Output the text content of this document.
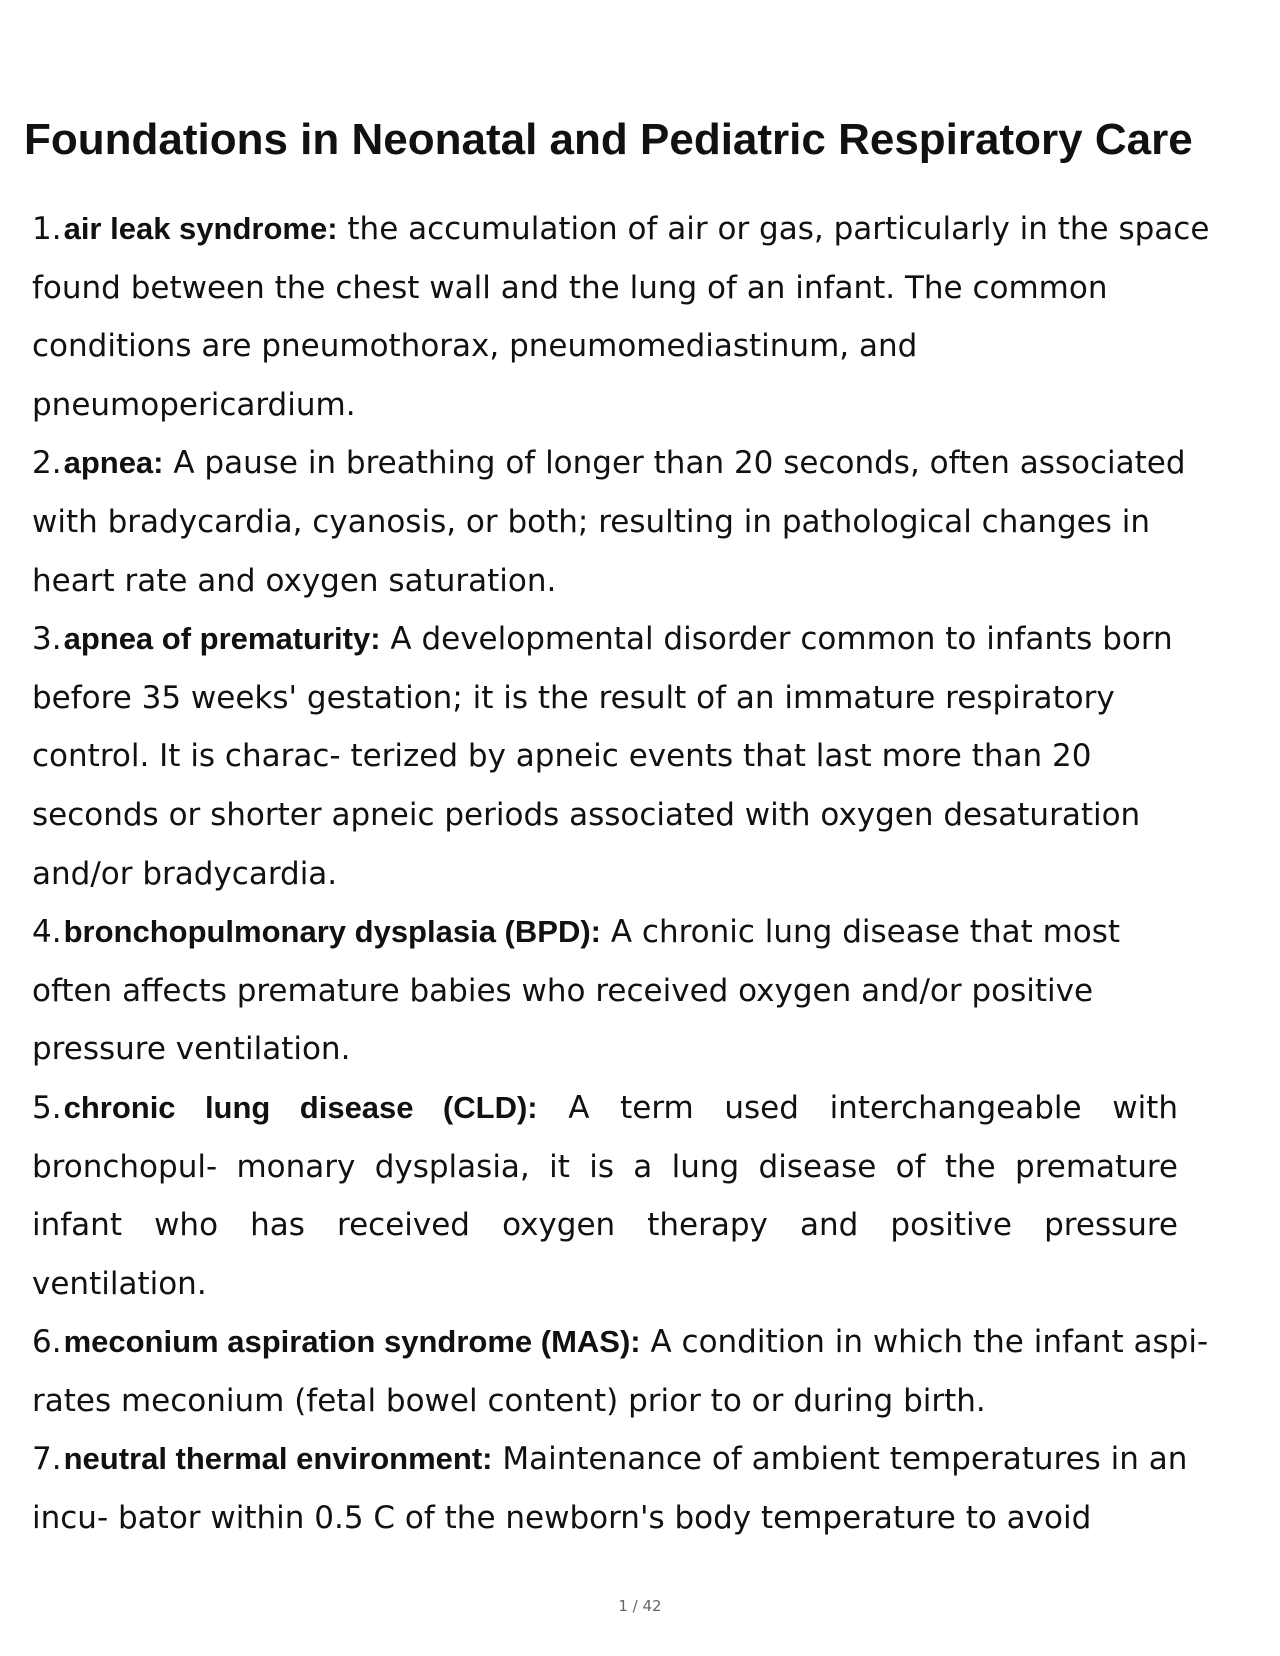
Foundations in Neonatal and Pediatric Respiratory Care
1.air leak syndrome: the accumulation of air or gas, particularly in the space found between the chest wall and the lung of an infant. The common conditions are pneumothorax, pneumomediastinum, and pneumopericardium.
2.apnea: A pause in breathing of longer than 20 seconds, often associated with bradycardia, cyanosis, or both; resulting in pathological changes in heart rate and oxygen saturation.
3.apnea of prematurity: A developmental disorder common to infants born before 35 weeks' gestation; it is the result of an immature respiratory control. It is charac- terized by apneic events that last more than 20 seconds or shorter apneic periods associated with oxygen desaturation and/or bradycardia.
4.bronchopulmonary dysplasia (BPD): A chronic lung disease that most often affects premature babies who received oxygen and/or positive pressure ventilation.
5.chronic lung disease (CLD): A term used interchangeable with bronchopul- monary dysplasia, it is a lung disease of the premature infant who has received oxygen therapy and positive pressure ventilation.
6.meconium aspiration syndrome (MAS): A condition in which the infant aspi- rates meconium (fetal bowel content) prior to or during birth.
7.neutral thermal environment: Maintenance of ambient temperatures in an incu- bator within 0.5 C of the newborn's body temperature to avoid
1 / 42
